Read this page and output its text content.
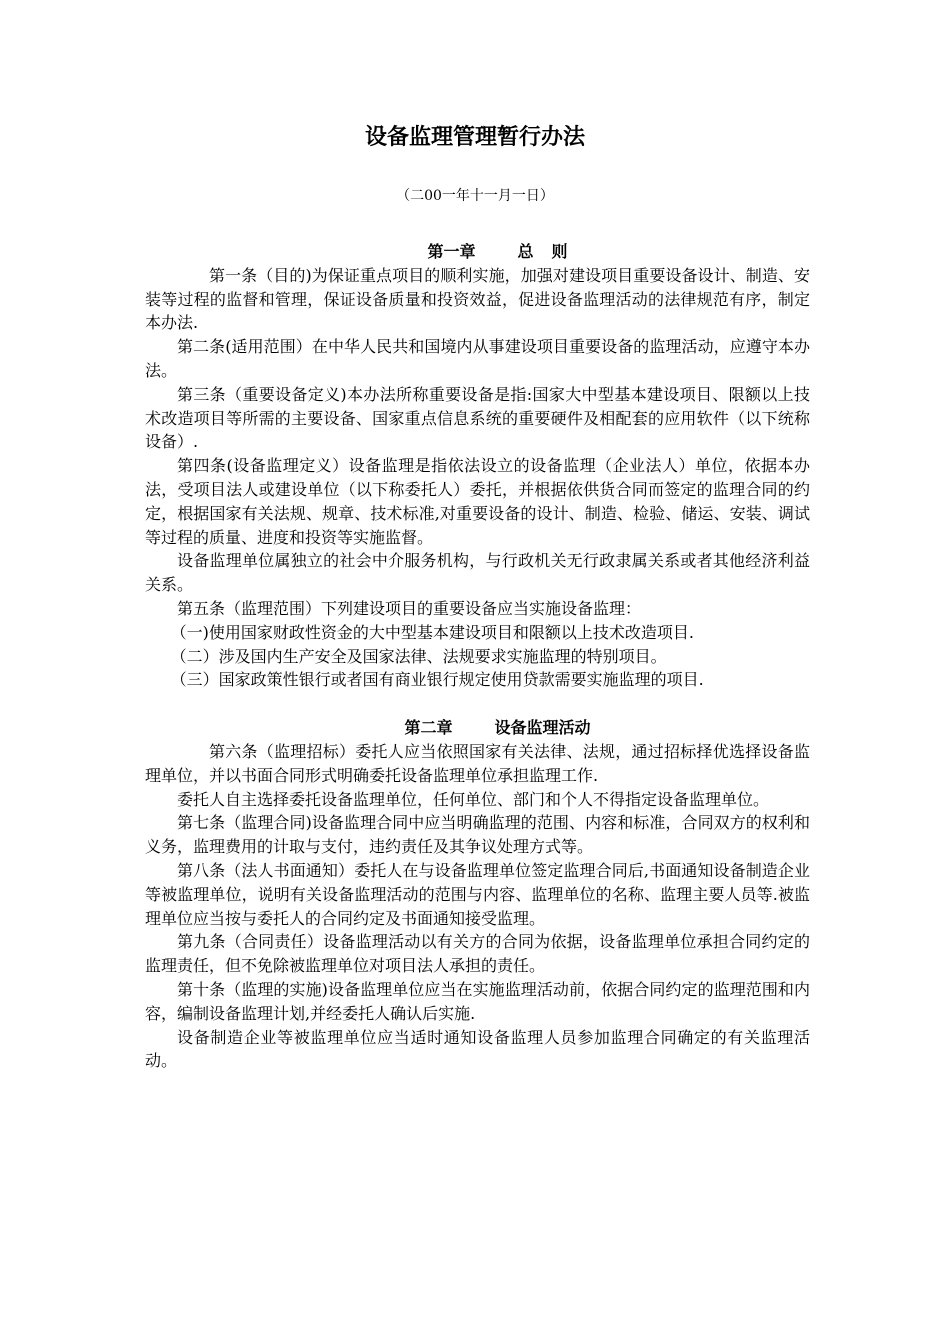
设备监理管理暂行办法
（二00一年十一月一日）
第一章	总 则

第一条（目的)为保证重点项目的顺利实施，加强对建设项目重要设备设计、制造、安装等过程的监督和管理，保证设备质量和投资效益，促进设备监理活动的法律规范有序，制定本办法.

第二条(适用范围）在中华人民共和国境内从事建设项目重要设备的监理活动，应遵守本办法。

第三条（重要设备定义)本办法所称重要设备是指:国家大中型基本建设项目、限额以上技术改造项目等所需的主要设备、国家重点信息系统的重要硬件及相配套的应用软件（以下统称设备）.

第四条(设备监理定义）设备监理是指依法设立的设备监理（企业法人）单位，依据本办法，受项目法人或建设单位（以下称委托人）委托，并根据依供货合同而签定的监理合同的约定，根据国家有关法规、规章、技术标准,对重要设备的设计、制造、检验、储运、安装、调试等过程的质量、进度和投资等实施监督。

设备监理单位属独立的社会中介服务机构，与行政机关无行政隶属关系或者其他经济利益关系。

第五条（监理范围）下列建设项目的重要设备应当实施设备监理：

（一)使用国家财政性资金的大中型基本建设项目和限额以上技术改造项目.

（二）涉及国内生产安全及国家法律、法规要求实施监理的特别项目。

（三）国家政策性银行或者国有商业银行规定使用贷款需要实施监理的项目.

第二章	设备监理活动

第六条（监理招标）委托人应当依照国家有关法律、法规，通过招标择优选择设备监理单位，并以书面合同形式明确委托设备监理单位承担监理工作.

委托人自主选择委托设备监理单位，任何单位、部门和个人不得指定设备监理单位。

第七条（监理合同)设备监理合同中应当明确监理的范围、内容和标准，合同双方的权利和义务，监理费用的计取与支付，违约责任及其争议处理方式等。

第八条（法人书面通知）委托人在与设备监理单位签定监理合同后,书面通知设备制造企业等被监理单位，说明有关设备监理活动的范围与内容、监理单位的名称、监理主要人员等.被监理单位应当按与委托人的合同约定及书面通知接受监理。

第九条（合同责任）设备监理活动以有关方的合同为依据，设备监理单位承担合同约定的监理责任，但不免除被监理单位对项目法人承担的责任。

第十条（监理的实施)设备监理单位应当在实施监理活动前，依据合同约定的监理范围和内容，编制设备监理计划,并经委托人确认后实施.

设备制造企业等被监理单位应当适时通知设备监理人员参加监理合同确定的有关监理活动。
